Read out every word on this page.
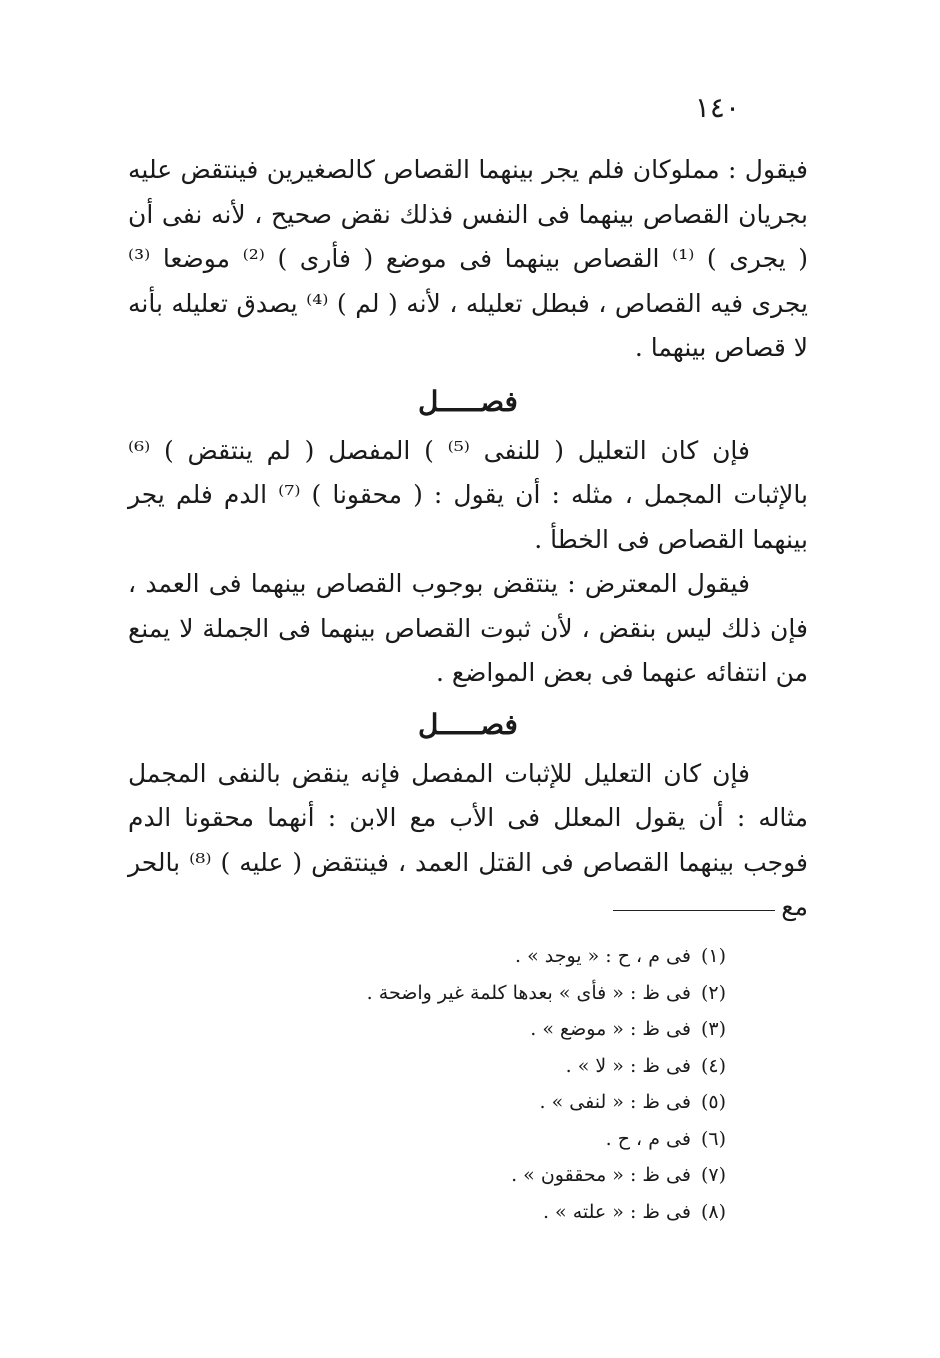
١٤٠

فيقول : مملوكان فلم يجر بينهما القصاص كالصغيرين فينتقض عليه بجريان القصاص بينهما فى النفس فذلك نقض صحيح ، لأنه نفى أن ( يجرى ) ⁽¹⁾ القصاص بينهما فى موضع ( فأرى ) ⁽²⁾ موضعا ⁽³⁾ يجرى فيه القصاص ، فبطل تعليله ، لأنه ( لم ) ⁽⁴⁾ يصدق تعليله بأنه لا قصاص بينهما .

فصـــــل

فإن كان التعليل ( للنفى ⁽⁵⁾ ) المفصل ( لم ينتقض ) ⁽⁶⁾ بالإثبات المجمل ، مثله : أن يقول : ( محقونا ) ⁽⁷⁾ الدم فلم يجر بينهما القصاص فى الخطأ .

فيقول المعترض : ينتقض بوجوب القصاص بينهما فى العمد ، فإن ذلك ليس بنقض ، لأن ثبوت القصاص بينهما فى الجملة لا يمنع من انتفائه عنهما فى بعض المواضع .

فصـــــل

فإن كان التعليل للإثبات المفصل فإنه ينقض بالنفى المجمل مثاله : أن يقول المعلل فى الأب مع الابن : أنهما محقونا الدم فوجب بينهما القصاص فى القتل العمد ، فينتقض ( عليه ) ⁽⁸⁾ بالحر مع

(١)فى م ، ح : « يوجد » .
(٢)فى ظ : « فأى » بعدها كلمة غير واضحة .
(٣)فى ظ : « موضع » .
(٤)فى ظ : « لا » .
(٥)فى ظ : « لنفى » .
(٦)فى م ، ح .
(٧)فى ظ : « محققون » .
(٨)فى ظ : « علته » .
